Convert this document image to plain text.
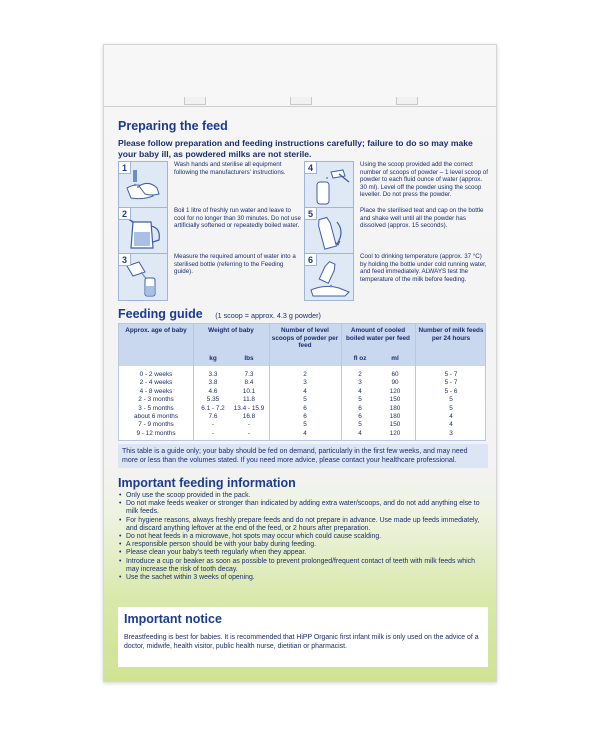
Preparing the feed
Please follow preparation and feeding instructions carefully; failure to do so may make your baby ill, as powdered milks are not sterile.
1	Wash hands and sterilise all equipment following the manufacturers' instructions.
2	Boil 1 litre of freshly run water and leave to cool for no longer than 30 minutes. Do not use artificially softened or repeatedly boiled water.
3	Measure the required amount of water into a sterilised bottle (referring to the Feeding guide).
4	Using the scoop provided add the correct number of scoops of powder – 1 level scoop of powder to each fluid ounce of water (approx. 30 ml). Level off the powder using the scoop leveller. Do not press the powder.
5	Place the sterilised teat and cap on the bottle and shake well until all the powder has dissolved (approx. 15 seconds).
6	Cool to drinking temperature (approx. 37 °C) by holding the bottle under cold running water, and feed immediately. ALWAYS test the temperature of the milk before feeding.
Feeding guide (1 scoop = approx. 4.3 g powder)
Approx. age of baby	Weight of baby
kg	lbs
Number of level scoops of powder per feed
Amount of cooled boiled water per feed
fl oz	ml
Number of milk feeds per 24 hours
0 - 2 weeks	3.3	7.3	2	2	60	5 - 7
2 - 4 weeks	3.8	8.4	3	3	90	5 - 7
4 - 8 weeks	4.6	10.1	4	4	120	5 - 6
2 - 3 months	5.35	11.8	5	5	150	5
3 - 5 months	6.1 - 7.2	13.4 - 15.9	6	6	180	5
about 6 months	7.6	16.8	6	6	180	4
7 - 9 months	-	-	5	5	150	4
9 - 12 months	-	-	4	4	120	3
This table is a guide only; your baby should be fed on demand, particularly in the first few weeks, and may need more or less than the volumes stated. If you need more advice, please contact your healthcare professional.
Important feeding information
• Only use the scoop provided in the pack.
• Do not make feeds weaker or stronger than indicated by adding extra water/scoops, and do not add anything else to milk feeds.
• For hygiene reasons, always freshly prepare feeds and do not prepare in advance. Use made up feeds immediately, and discard anything leftover at the end of the feed, or 2 hours after preparation.
• Do not heat feeds in a microwave, hot spots may occur which could cause scalding.
• A responsible person should be with your baby during feeding.
• Please clean your baby's teeth regularly when they appear.
• Introduce a cup or beaker as soon as possible to prevent prolonged/frequent contact of teeth with milk feeds which may increase the risk of tooth decay.
• Use the sachet within 3 weeks of opening.
Important notice
Breastfeeding is best for babies. It is recommended that HiPP Organic first infant milk is only used on the advice of a doctor, midwife, health visitor, public health nurse, dietitian or pharmacist.
